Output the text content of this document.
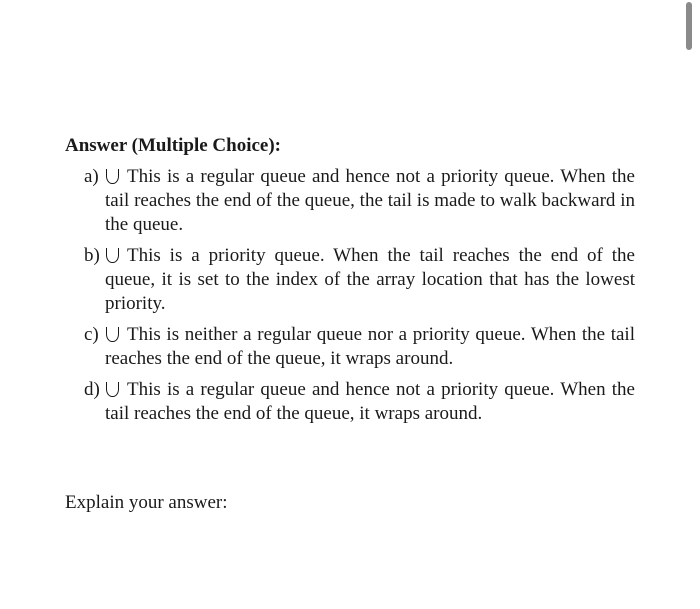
Answer (Multiple Choice):
a)	This is a regular queue and hence not a priority queue. When the tail reaches the end of the queue, the tail is made to walk backward in the queue.
b)	This is a priority queue. When the tail reaches the end of the queue, it is set to the index of the array location that has the lowest priority.
c)	This is neither a regular queue nor a priority queue. When the tail reaches the end of the queue, it wraps around.
d)	This is a regular queue and hence not a priority queue. When the tail reaches the end of the queue, it wraps around.
Explain your answer:
